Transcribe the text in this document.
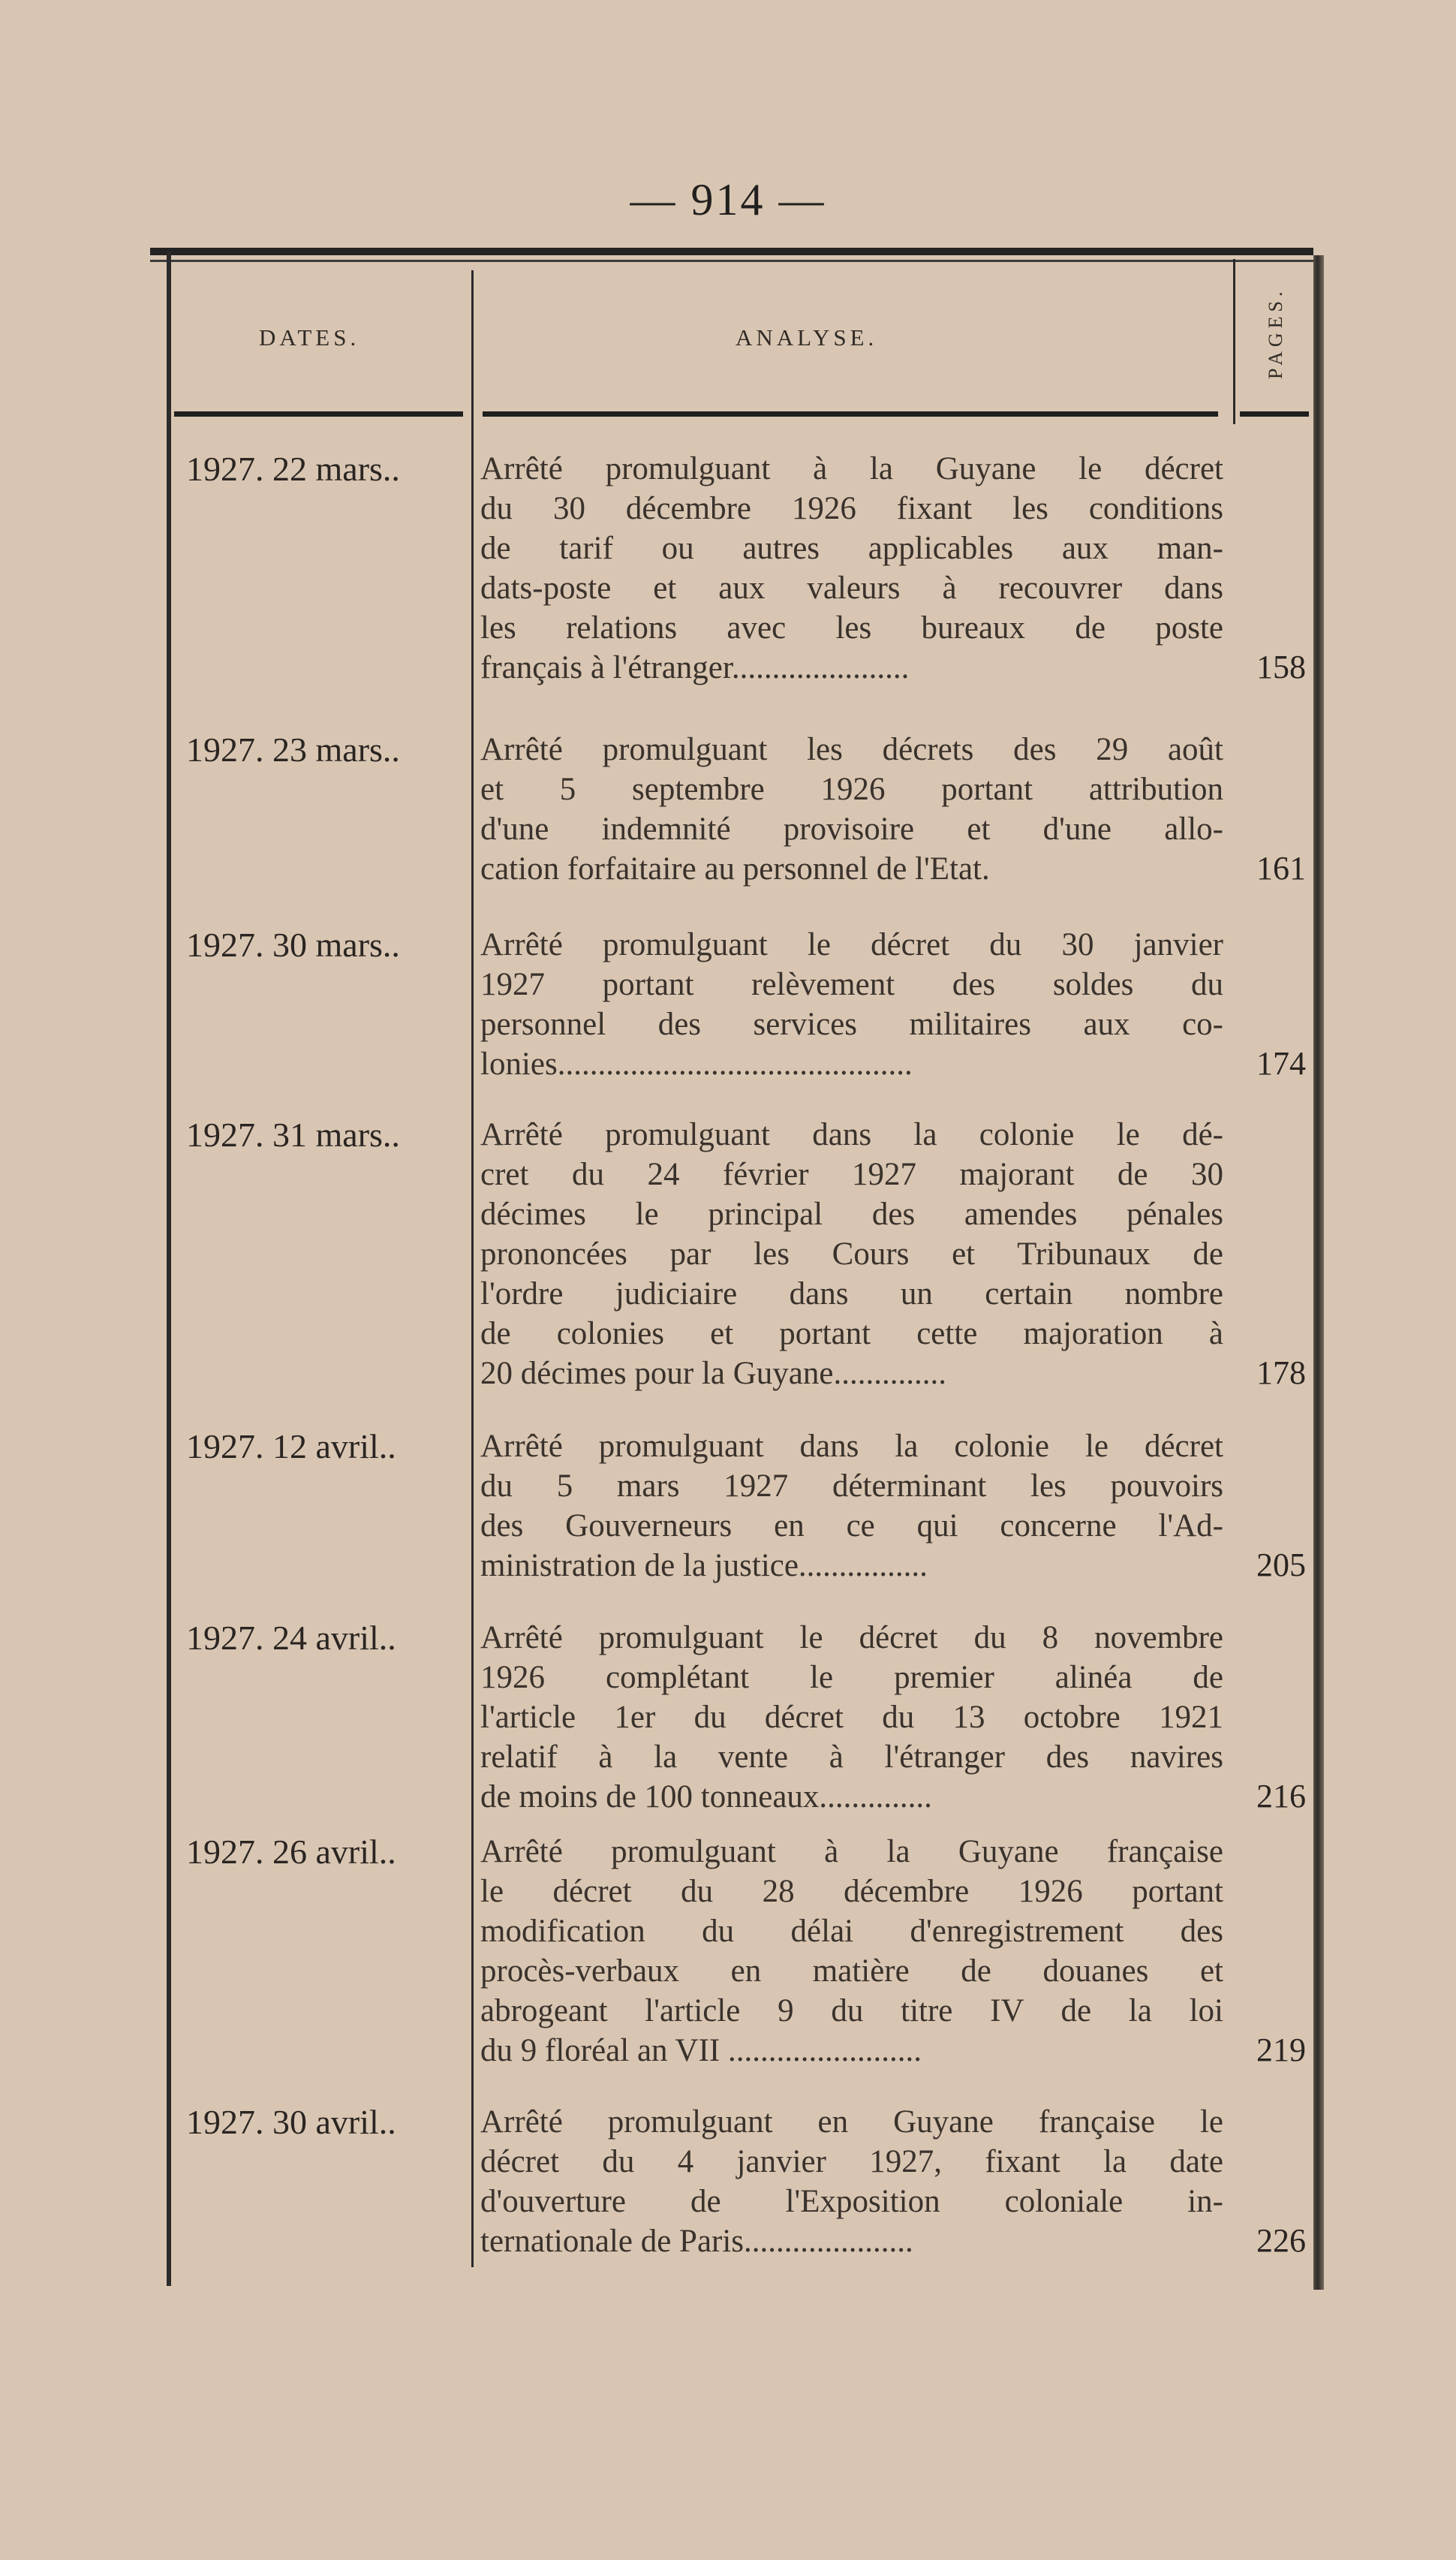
— 914 —
DATES.	ANALYSE.	PAGES.
1927. 22 mars.. Arrêté promulguant à la Guyane le décret
du 30 décembre 1926 fixant les conditions
de tarif ou autres applicables aux man-
dats-poste et aux valeurs à recouvrer dans
les relations avec les bureaux de poste
français à l'étranger......................	158
1927. 23 mars.. Arrêté promulguant les décrets des 29 août
et 5 septembre 1926 portant attribution
d'une indemnité provisoire et d'une allo-
cation forfaitaire au personnel de l'Etat.	161
1927. 30 mars.. Arrêté promulguant le décret du 30 janvier
1927 portant relèvement des soldes du
personnel des services militaires aux co-
lonies............................................	174
1927. 31 mars.. Arrêté promulguant dans la colonie le dé-
cret du 24 février 1927 majorant de 30
décimes le principal des amendes pénales
prononcées par les Cours et Tribunaux de
l'ordre judiciaire dans un certain nombre
de colonies et portant cette majoration à
20 décimes pour la Guyane..............	178
1927. 12 avril..	Arrêté promulguant dans la colonie le décret
du 5 mars 1927 déterminant les pouvoirs
des Gouverneurs en ce qui concerne l'Ad-
ministration de la justice................	205
1927. 24 avril..	Arrêté promulguant le décret du 8 novembre
1926 complétant le premier alinéa de
l'article 1er du décret du 13 octobre 1921
relatif à la vente à l'étranger des navires
de moins de 100 tonneaux..............	216
1927. 26 avril..	Arrêté promulguant à la Guyane française
le décret du 28 décembre 1926 portant
modification du délai d'enregistrement des
procès-verbaux en matière de douanes et
abrogeant l'article 9 du titre IV de la loi
du 9 floréal an VII ........................	219
1927. 30 avril..	Arrêté promulguant en Guyane française le
décret du 4 janvier 1927, fixant la date
d'ouverture de l'Exposition coloniale in-
ternationale de Paris.....................	226
